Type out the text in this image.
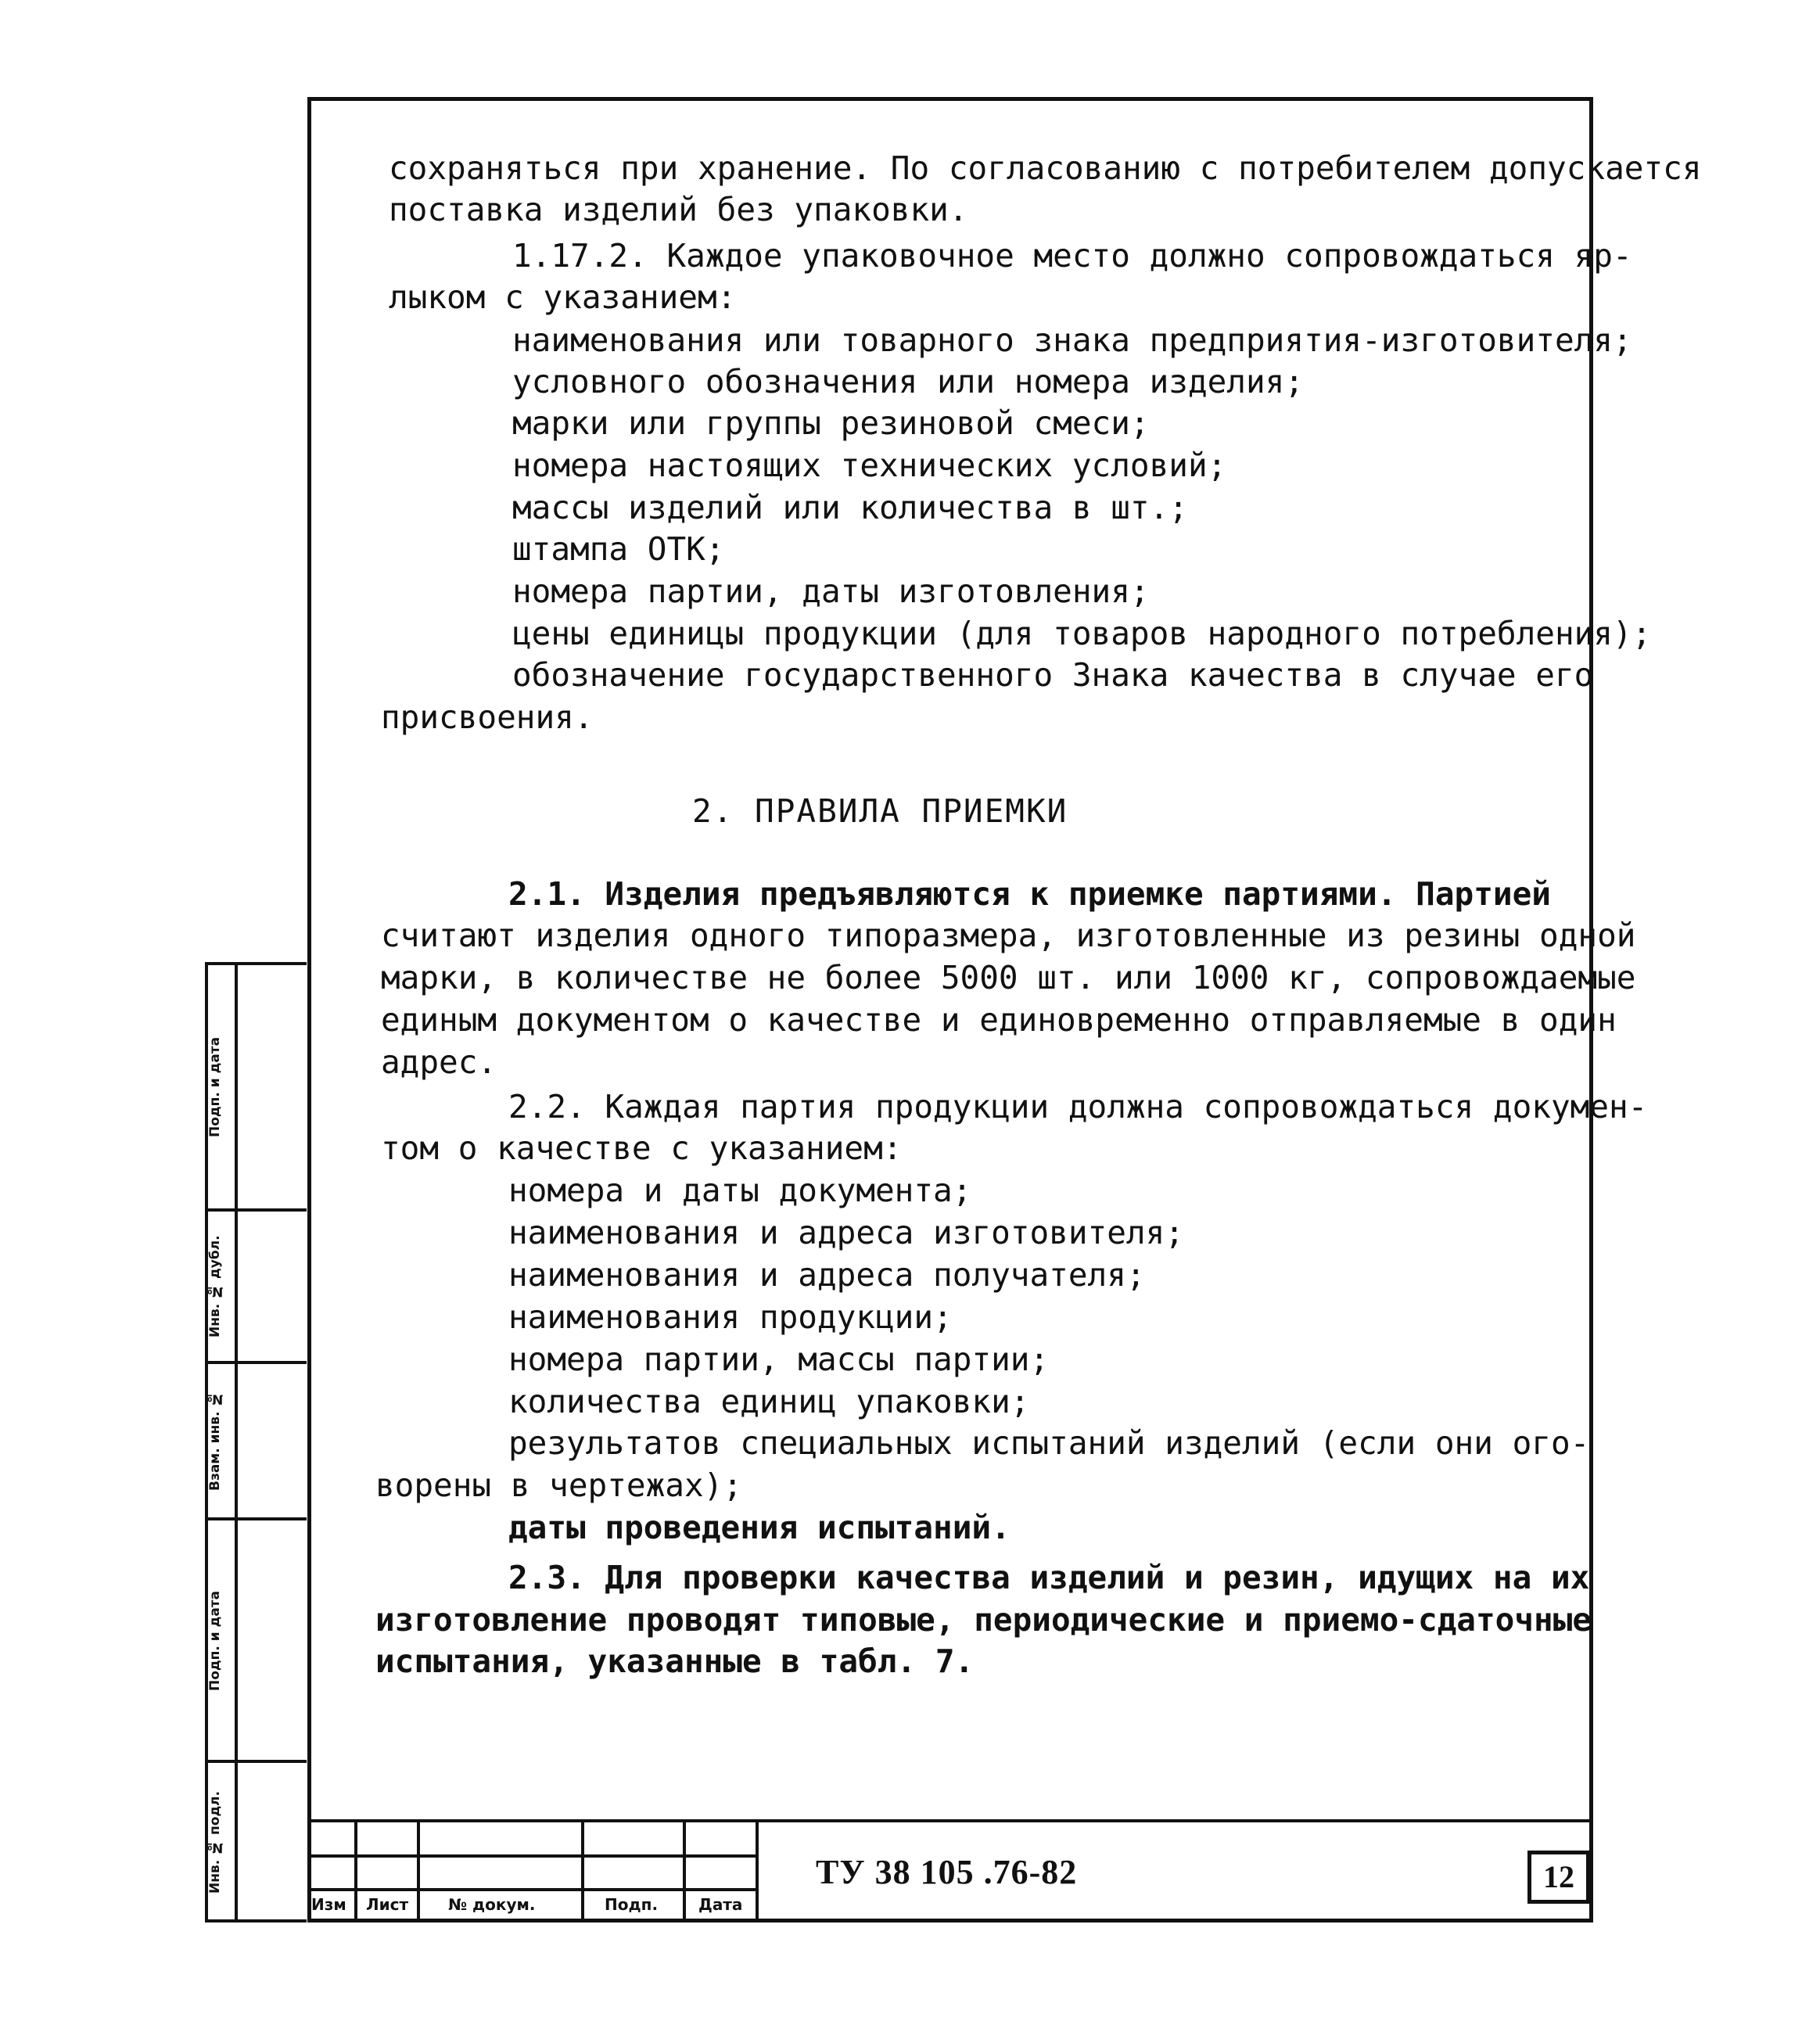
сохраняться при хранение. По согласованию с потребителем допускается
поставка изделий без упаковки.
1.17.2. Каждое упаковочное место должно сопровождаться яр-
лыком с указанием:
наименования или товарного знака предприятия-изготовителя;
условного обозначения или номера изделия;
марки или группы резиновой смеси;
номера настоящих технических условий;
массы изделий или количества в шт.;
штампа ОТК;
номера партии, даты изготовления;
цены единицы продукции (для товаров народного потребления);
обозначение государственного Знака качества в случае его
присвоения.
2. ПРАВИЛА ПРИЕМКИ
2.1. Изделия предъявляются к приемке партиями. Партией
считают изделия одного типоразмера, изготовленные из резины одной
марки, в количестве не более 5000 шт. или 1000 кг, сопровождаемые
единым документом о качестве и единовременно отправляемые в один
адрес.
2.2. Каждая партия продукции должна сопровождаться докумен-
том о качестве с указанием:
номера и даты документа;
наименования и адреса изготовителя;
наименования и адреса получателя;
наименования продукции;
номера партии, массы партии;
количества единиц упаковки;
результатов специальных испытаний изделий (если они ого-
ворены в чертежах);
даты проведения испытаний.
2.3. Для проверки качества изделий и резин, идущих на их
изготовление проводят типовые, периодические и приемо-сдаточные
испытания, указанные в табл. 7.
Подп. и дата
Инв. № дубл.
Взам. инв. №
Подп. и дата
Инв. № подл.
Изм Лист	№ докум.	Подп.	Дата
ТУ 38 105 .76-82	12
